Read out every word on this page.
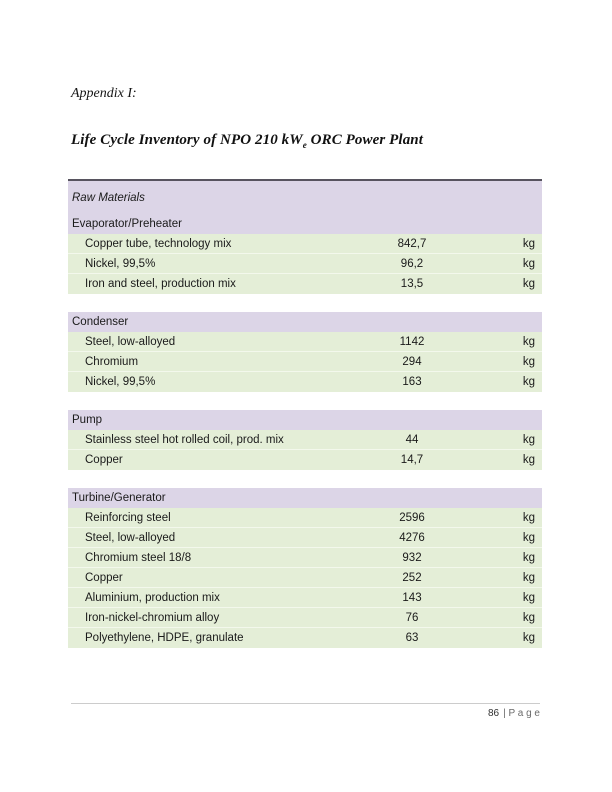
Appendix I:
Life Cycle Inventory of NPO 210 $kW_e$ ORC Power Plant
Raw Materials
Evaporator/Preheater
Copper tube, technology mix	842,7	kg
Nickel, 99,5%	96,2	kg
Iron and steel, production mix	13,5	kg
Condenser
Steel, low-alloyed	1142	kg
Chromium	294	kg
Nickel, 99,5%	163	kg
Pump
Stainless steel hot rolled coil, prod. mix	44	kg
Copper	14,7	kg
Turbine/Generator
Reinforcing steel	2596	kg
Steel, low-alloyed	4276	kg
Chromium steel 18/8	932	kg
Copper	252	kg
Aluminium, production mix	143	kg
Iron-nickel-chromium alloy	76	kg
Polyethylene, HDPE, granulate	63	kg
86 | P a g e
